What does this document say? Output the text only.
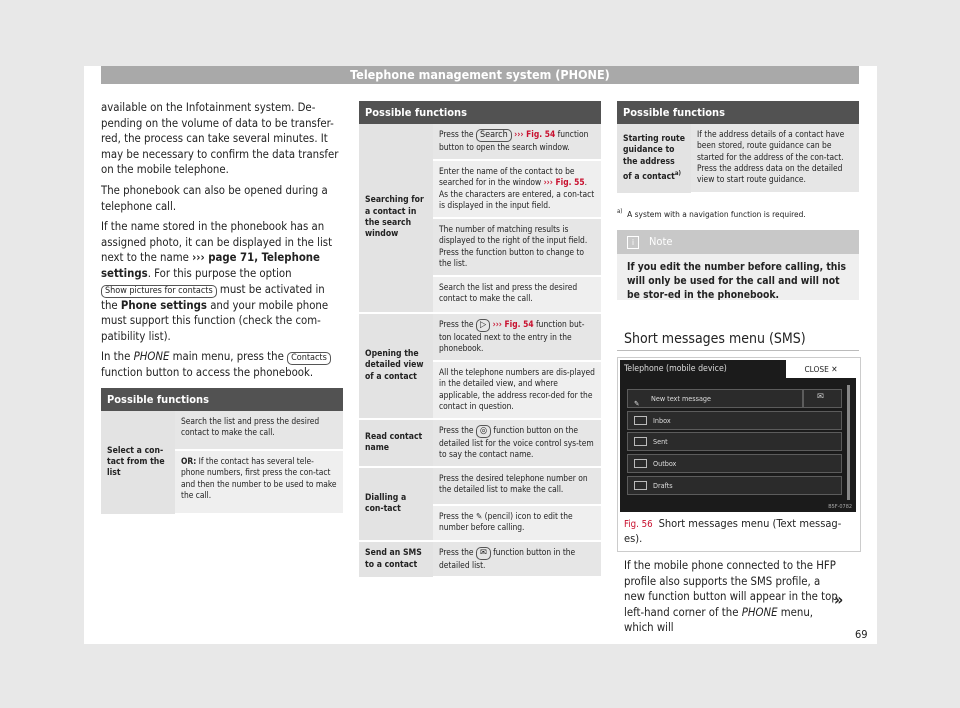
Telephone management system (PHONE)

available on the Infotainment system. De-pending on the volume of data to be transfer-red, the process can take several minutes. It may be necessary to confirm the data transfer on the mobile telephone.

The phonebook can also be opened during a telephone call.

If the name stored in the phonebook has an assigned photo, it can be displayed in the list next to the name ››› page 71, Telephone settings. For this purpose the option Show pictures for contacts must be activated in the Phone settings and your mobile phone must support this function (check the com-patibility list).

In the PHONE main menu, press the Contacts function button to access the phonebook.

Possible functions
Select a con-tact from the list	Search the list and press the desired contact to make the call.
OR: If the contact has several tele-phone numbers, first press the con-tact and then the number to be used to make the call.
Possible functions	
Searching for a contact in the search window	Press the Search ››› Fig. 54 function button to open the search window.
	Enter the name of the contact to be searched for in the window ››› Fig. 55. As the characters are entered, a con-tact is displayed in the input field.
	The number of matching results is displayed to the right of the input field. Press the function button to change to the list.
	Search the list and press the desired contact to make the call.
Opening the detailed view of a contact	Press the ▷ ››› Fig. 54 function but-ton located next to the entry in the phonebook.
	All the telephone numbers are dis-played in the detailed view, and where applicable, the address recor-ded for the contact in question.
Read contact name	Press the ◎ function button on the detailed list for the voice control sys-tem to say the contact name.
Dialling a con-tact	Press the desired telephone number on the detailed list to make the call.
	Press the ✎ (pencil) icon to edit the number before calling.
Send an SMS to a contact	Press the ✉ function button in the detailed list.
Possible functions
Starting route guidance to the address of a contact$^{a)}$	If the address details of a contact have been stored, route guidance can be started for the address of the con-tact. Press the address data on the detailed view to start route guidance.
$^{a)}$ A system with a navigation function is required.
i Note
If you edit the number before calling, this will only be used for the call and will not be stor-ed in the phonebook.
Short messages menu (SMS)
Telephone (mobile device)	CLOSE ✕
✎ New text message	✉
Inbox
Sent
Outbox
Drafts
B5F-0782
Fig. 56 Short messages menu (Text messag-es).

If the mobile phone connected to the HFP profile also supports the SMS profile, a new function button will appear in the top left-hand corner of the PHONE menu, which will

»
69
